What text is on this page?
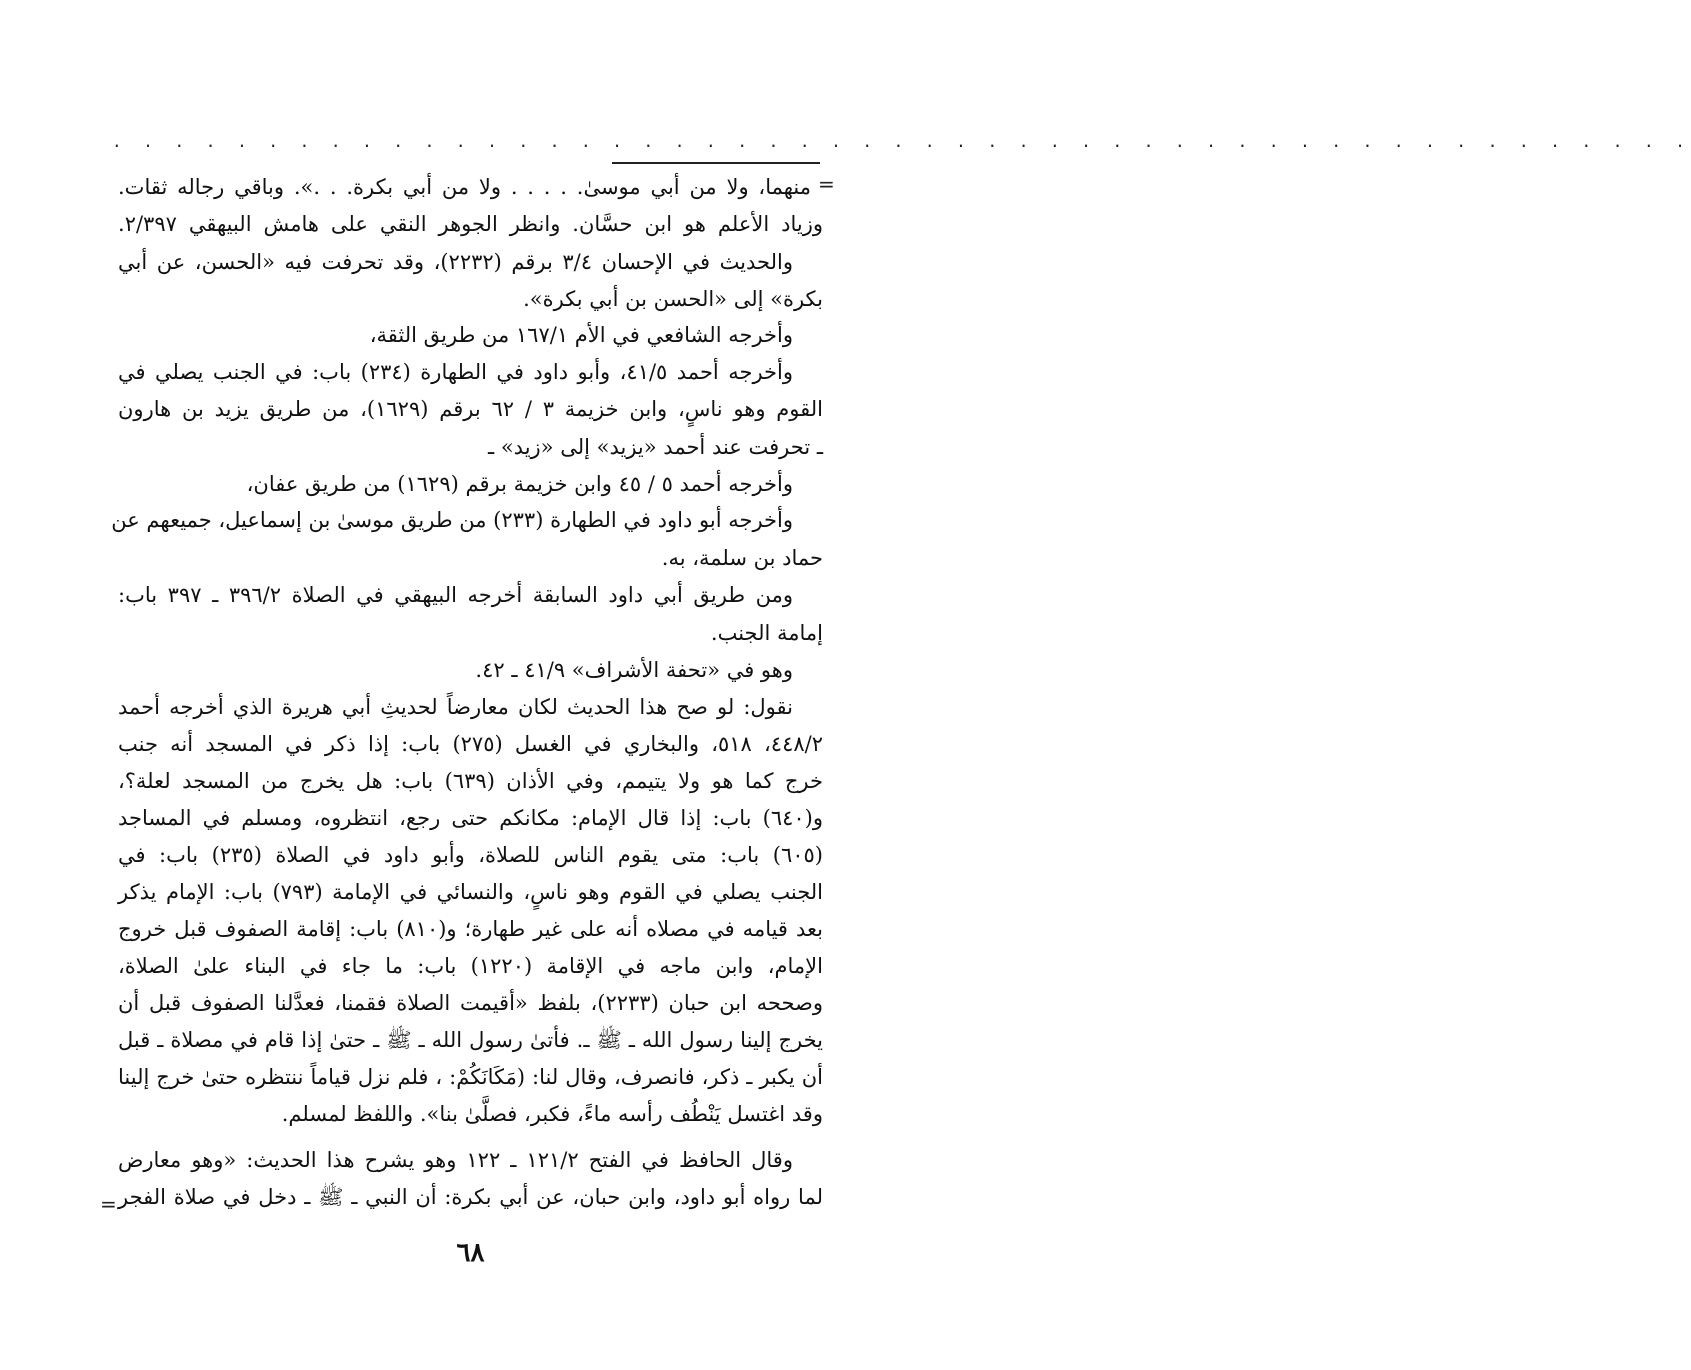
. . . . . . . . . . . . . . . . . . . . . . . . . . . . . . . . . . . . . . . . . . . . . . . . . . .
=
=
منهما، ولا من أبي موسىٰ. . . . . ولا من أبي بكرة. . .». وباقي رجاله ثقات.
وزياد الأعلم هو ابن حسَّان. وانظر الجوهر النقي على هامش البيهقي ٢/٣٩٧.
والحديث في الإحسان ٣/٤ برقم (٢٢٣٢)، وقد تحرفت فيه «الحسن، عن أبي
بكرة» إلى «الحسن بن أبي بكرة».
وأخرجه الشافعي في الأم ١٦٧/١ من طريق الثقة،
وأخرجه أحمد ٤١/٥، وأبو داود في الطهارة (٢٣٤) باب: في الجنب يصلي في
القوم وهو ناسٍ، وابن خزيمة ٣ / ٦٢ برقم (١٦٢٩)، من طريق يزيد بن هارون
ـ تحرفت عند أحمد «يزيد» إلى «زيد» ـ
وأخرجه أحمد ٥ / ٤٥ وابن خزيمة برقم (١٦٢٩) من طريق عفان،
وأخرجه أبو داود في الطهارة (٢٣٣) من طريق موسىٰ بن إسماعيل، جميعهم عن
حماد بن سلمة، به.
ومن طريق أبي داود السابقة أخرجه البيهقي في الصلاة ٣٩٦/٢ ـ ٣٩٧ باب:
إمامة الجنب.
وهو في «تحفة الأشراف» ٤١/٩ ـ ٤٢.
نقول: لو صح هذا الحديث لكان معارضاً لحديثِ أبي هريرة الذي أخرجه أحمد
٤٤٨/٢، ٥١٨، والبخاري في الغسل (٢٧٥) باب: إذا ذكر في المسجد أنه جنب
خرج كما هو ولا يتيمم، وفي الأذان (٦٣٩) باب: هل يخرج من المسجد لعلة؟،
و(٦٤٠) باب: إذا قال الإمام: مكانكم حتى رجع، انتظروه، ومسلم في المساجد
(٦٠٥) باب: متى يقوم الناس للصلاة، وأبو داود في الصلاة (٢٣٥) باب: في
الجنب يصلي في القوم وهو ناسٍ، والنسائي في الإمامة (٧٩٣) باب: الإمام يذكر
بعد قيامه في مصلاه أنه على غير طهارة؛ و(٨١٠) باب: إقامة الصفوف قبل خروج
الإمام، وابن ماجه في الإقامة (١٢٢٠) باب: ما جاء في البناء علىٰ الصلاة،
وصححه ابن حبان (٢٢٣٣)، بلفظ «أقيمت الصلاة فقمنا، فعدَّلنا الصفوف قبل أن
يخرج إلينا رسول الله ـ ﷺ ـ. فأتىٰ رسول الله ـ ﷺ ـ حتىٰ إذا قام في مصلاة ـ قبل
أن يكبر ـ ذكر، فانصرف، وقال لنا: (مَكَانَكُمْ: ، فلم نزل قياماً ننتظره حتىٰ خرج إلينا
وقد اغتسل يَنْطُف رأسه ماءً، فكبر، فصلَّىٰ بنا». واللفظ لمسلم.
وقال الحافظ في الفتح ١٢١/٢ ـ ١٢٢ وهو يشرح هذا الحديث: «وهو معارض
لما رواه أبو داود، وابن حبان، عن أبي بكرة: أن النبي ـ ﷺ ـ دخل في صلاة الفجر
٦٨
